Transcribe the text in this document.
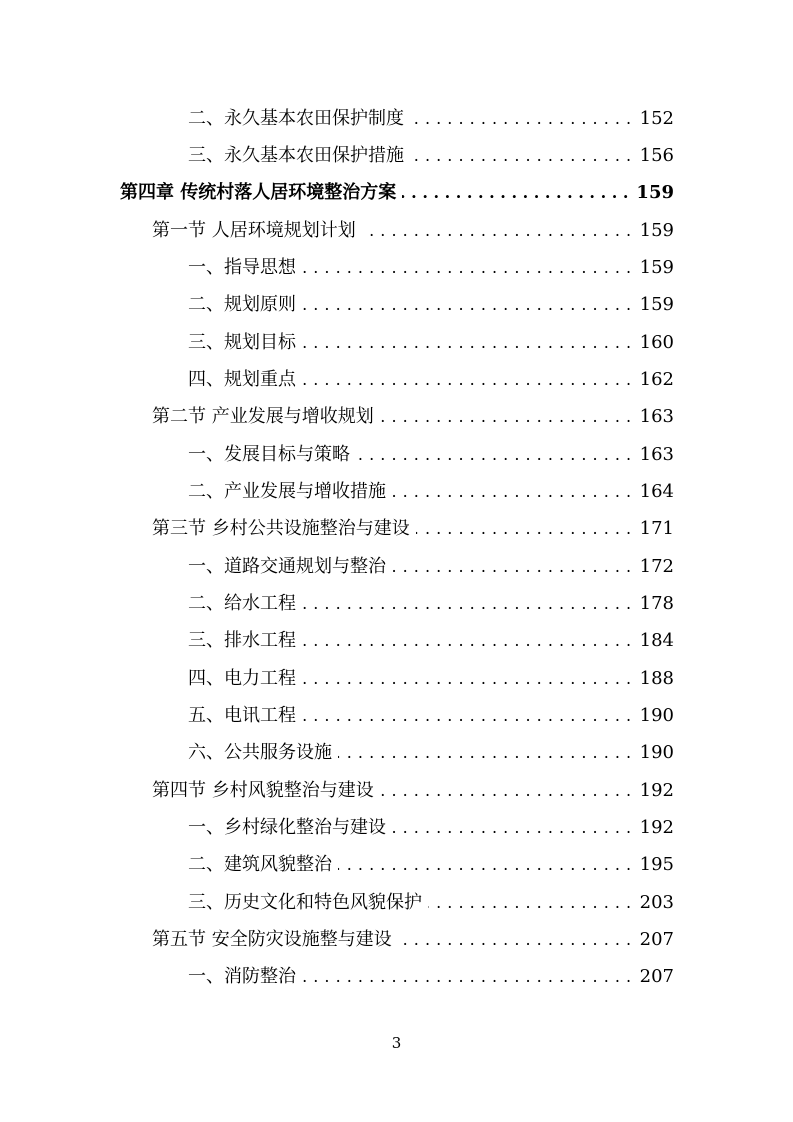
二、永久基本农田保护制度 . . .	152
三、永久基本农田保护措施 . . .	156
第四章 传统村落人居环境整治方案 . . .	159
第一节 人居环境规划计划 . . .	159
一、指导思想 . . .	159
二、规划原则 . . .	159
三、规划目标 . . .	160
四、规划重点 . . .	162
第二节 产业发展与增收规划 . . .	163
一、发展目标与策略 . . .	163
二、产业发展与增收措施 . . .	164
第三节 乡村公共设施整治与建设 . . .	171
一、道路交通规划与整治 . . .	172
二、给水工程 . . .	178
三、排水工程 . . .	184
四、电力工程 . . .	188
五、电讯工程 . . .	190
六、公共服务设施 . . .	190
第四节 乡村风貌整治与建设 . . .	192
一、乡村绿化整治与建设 . . .	192
二、建筑风貌整治 . . .	195
三、历史文化和特色风貌保护 . . .	203
第五节 安全防灾设施整与建设 . . .	207
一、消防整治 . . .	207
3
